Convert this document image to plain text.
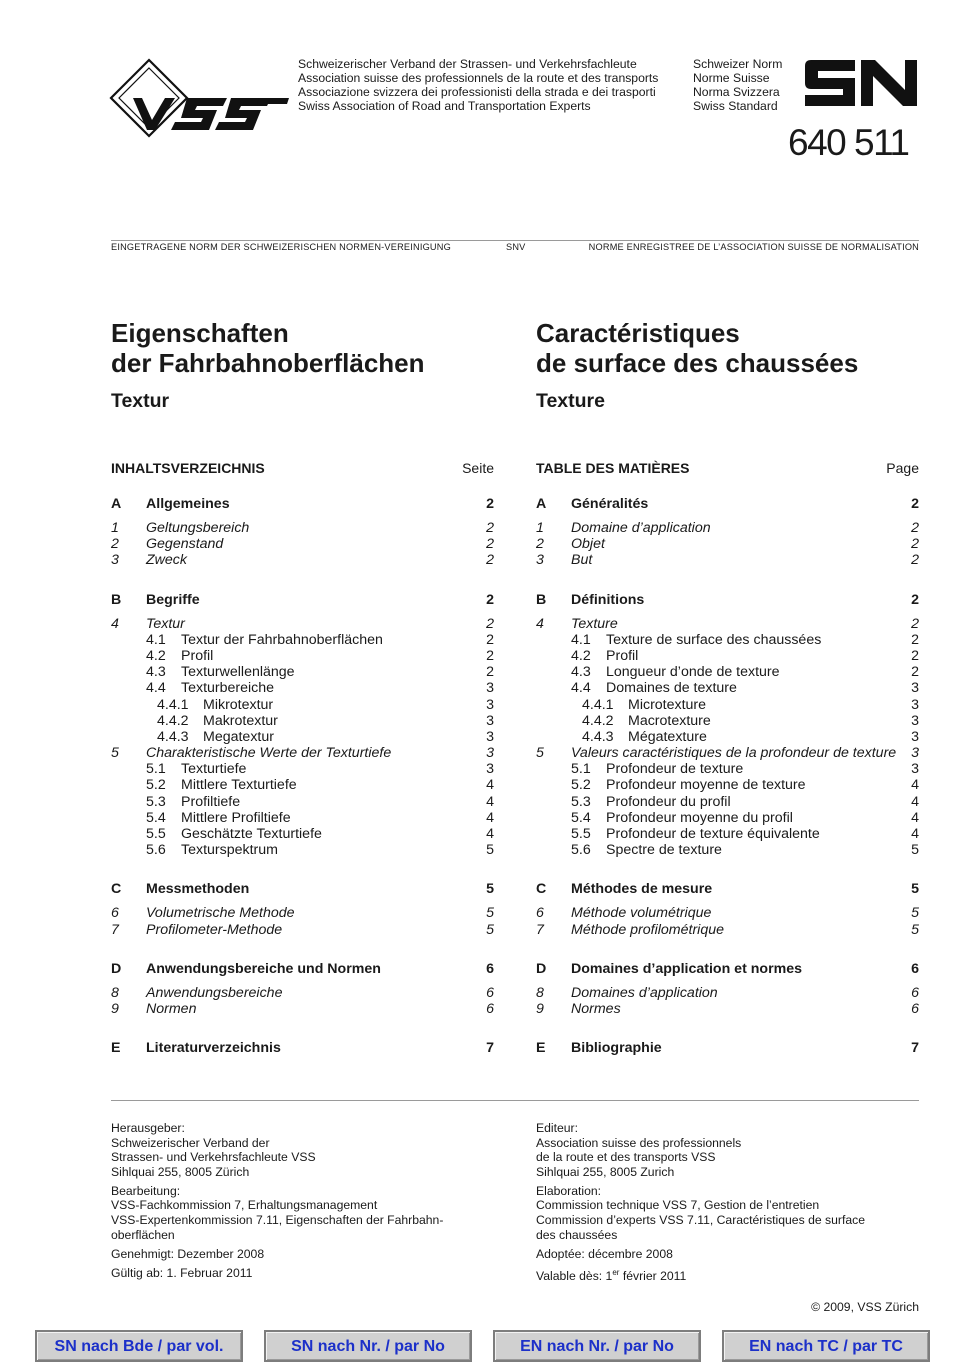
VSS	Schweizerischer Verband der Strassen- und Verkehrsfachleute
Association suisse des professionnels de la route et des transports
Associazione svizzera dei professionisti della strada e dei trasporti
Swiss Association of Road and Transportation Experts
Schweizer Norm
Norme Suisse
Norma Svizzera
Swiss Standard
SN
640 511
EINGETRAGENE NORM DER SCHWEIZERISCHEN NORMEN-VEREINIGUNG	SNV	NORME ENREGISTREE DE L’ASSOCIATION SUISSE DE NORMALISATION
Eigenschaften
der Fahrbahnoberflächen
Textur
INHALTSVERZEICHNIS	Seite
A	Allgemeines	2
1 Geltungsbereich	2
2 Gegenstand	2
3 Zweck	2
B	Begriffe	2
4 Textur	2
4.1 Textur der Fahrbahnoberflächen	2
4.2 Profil	2
4.3 Texturwellenlänge	2
4.4 Texturbereiche	3
4.4.1 Mikrotextur	3
4.4.2 Makrotextur	3
4.4.3 Megatextur	3
5 Charakteristische Werte der Texturtiefe	3
5.1 Texturtiefe	3
5.2 Mittlere Texturtiefe	4
5.3 Profiltiefe	4
5.4 Mittlere Profiltiefe	4
5.5 Geschätzte Texturtiefe	4
5.6 Texturspektrum	5
C	Messmethoden	5
6 Volumetrische Methode	5
7 Profilometer-Methode	5
D	Anwendungsbereiche und Normen	6
8 Anwendungsbereiche	6
9 Normen	6
E	Literaturverzeichnis	7
Caractéristiques
de surface des chaussées
Texture
TABLE DES MATIÈRES	Page
A	Généralités	2
1 Domaine d’application	2
2 Objet	2
3 But	2
B	Définitions	2
4 Texture	2
4.1 Texture de surface des chaussées	2
4.2 Profil	2
4.3 Longueur d’onde de texture	2
4.4 Domaines de texture	3
4.4.1 Microtexture	3
4.4.2 Macrotexture	3
4.4.3 Mégatexture	3
5 Valeurs caractéristiques de la profondeur de texture	3
5.1 Profondeur de texture	3
5.2 Profondeur moyenne de texture	4
5.3 Profondeur du profil	4
5.4 Profondeur moyenne du profil	4
5.5 Profondeur de texture équivalente	4
5.6 Spectre de texture	5
C	Méthodes de mesure	5
6 Méthode volumétrique	5
7 Méthode profilométrique	5
D	Domaines d’application et normes	6
8 Domaines d’application	6
9 Normes	6
E	Bibliographie	7

Herausgeber:
Schweizerischer Verband der
Strassen- und Verkehrsfachleute VSS
Sihlquai 255, 8005 Zürich

Bearbeitung:
VSS-Fachkommission 7, Erhaltungsmanagement
VSS-Expertenkommission 7.11, Eigenschaften der Fahrbahn-
oberflächen

Genehmigt: Dezember 2008

Gültig ab: 1. Februar 2011

Editeur:
Association suisse des professionnels
de la route et des transports VSS
Sihlquai 255, 8005 Zurich

Elaboration:
Commission technique VSS 7, Gestion de l’entretien
Commission d’experts VSS 7.11, Caractéristiques de surface
des chaussées

Adoptée: décembre 2008

Valable dès: 1er février 2011

© 2009, VSS Zürich
SN nach Bde / par vol.	SN nach Nr. / par No	EN nach Nr. / par No	EN nach TC / par TC
